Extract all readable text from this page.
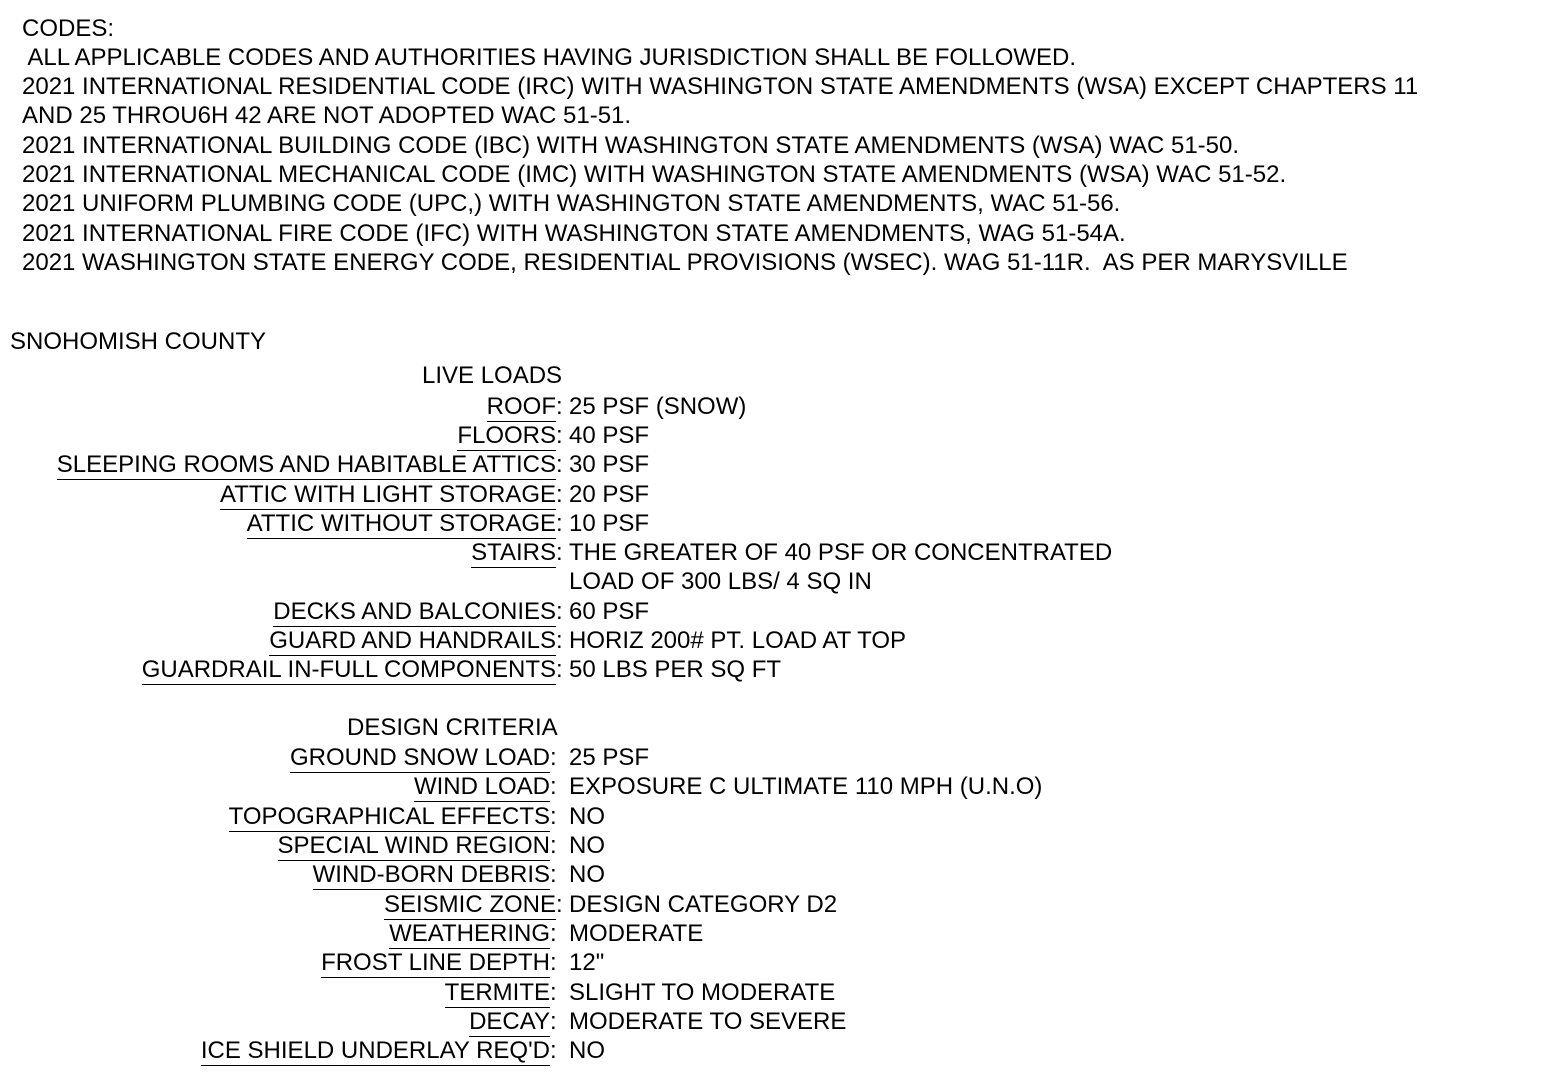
CODES:
ALL APPLICABLE CODES AND AUTHORITIES HAVING JURISDICTION SHALL BE FOLLOWED.
2021 INTERNATIONAL RESIDENTIAL CODE (IRC) WITH WASHINGTON STATE AMENDMENTS (WSA) EXCEPT CHAPTERS 11
AND 25 THROU6H 42 ARE NOT ADOPTED WAC 51-51.
2021 INTERNATIONAL BUILDING CODE (IBC) WITH WASHINGTON STATE AMENDMENTS (WSA) WAC 51-50.
2021 INTERNATIONAL MECHANICAL CODE (IMC) WITH WASHINGTON STATE AMENDMENTS (WSA) WAC 51-52.
2021 UNIFORM PLUMBING CODE (UPC,) WITH WASHINGTON STATE AMENDMENTS, WAC 51-56.
2021 INTERNATIONAL FIRE CODE (IFC) WITH WASHINGTON STATE AMENDMENTS, WAG 51-54A.
2021 WASHINGTON STATE ENERGY CODE, RESIDENTIAL PROVISIONS (WSEC). WAG 51-11R.  AS PER MARYSVILLE
SNOHOMISH COUNTY
LIVE LOADS
ROOF : 25 PSF (SNOW)
FLOORS : 40 PSF
SLEEPING ROOMS AND HABITABLE ATTICS : 30 PSF
ATTIC WITH LIGHT STORAGE : 20 PSF
ATTIC WITHOUT STORAGE : 10 PSF
STAIRS : THE GREATER OF 40 PSF OR CONCENTRATED
LOAD OF 300 LBS/ 4 SQ IN
DECKS AND BALCONIES : 60 PSF
GUARD AND HANDRAILS : HORIZ 200# PT. LOAD AT TOP
GUARDRAIL IN-FULL COMPONENTS : 50 LBS PER SQ FT
DESIGN CRITERIA
GROUND SNOW LOAD : 25 PSF
WIND LOAD : EXPOSURE C ULTIMATE 110 MPH (U.N.O)
TOPOGRAPHICAL EFFECTS : NO
SPECIAL WIND REGION : NO
WIND-BORN DEBRIS : NO
SEISMIC ZONE : DESIGN CATEGORY D2
WEATHERING : MODERATE
FROST LINE DEPTH : 12"
TERMITE : SLIGHT TO MODERATE
DECAY : MODERATE TO SEVERE
ICE SHIELD UNDERLAY REQ'D : NO
